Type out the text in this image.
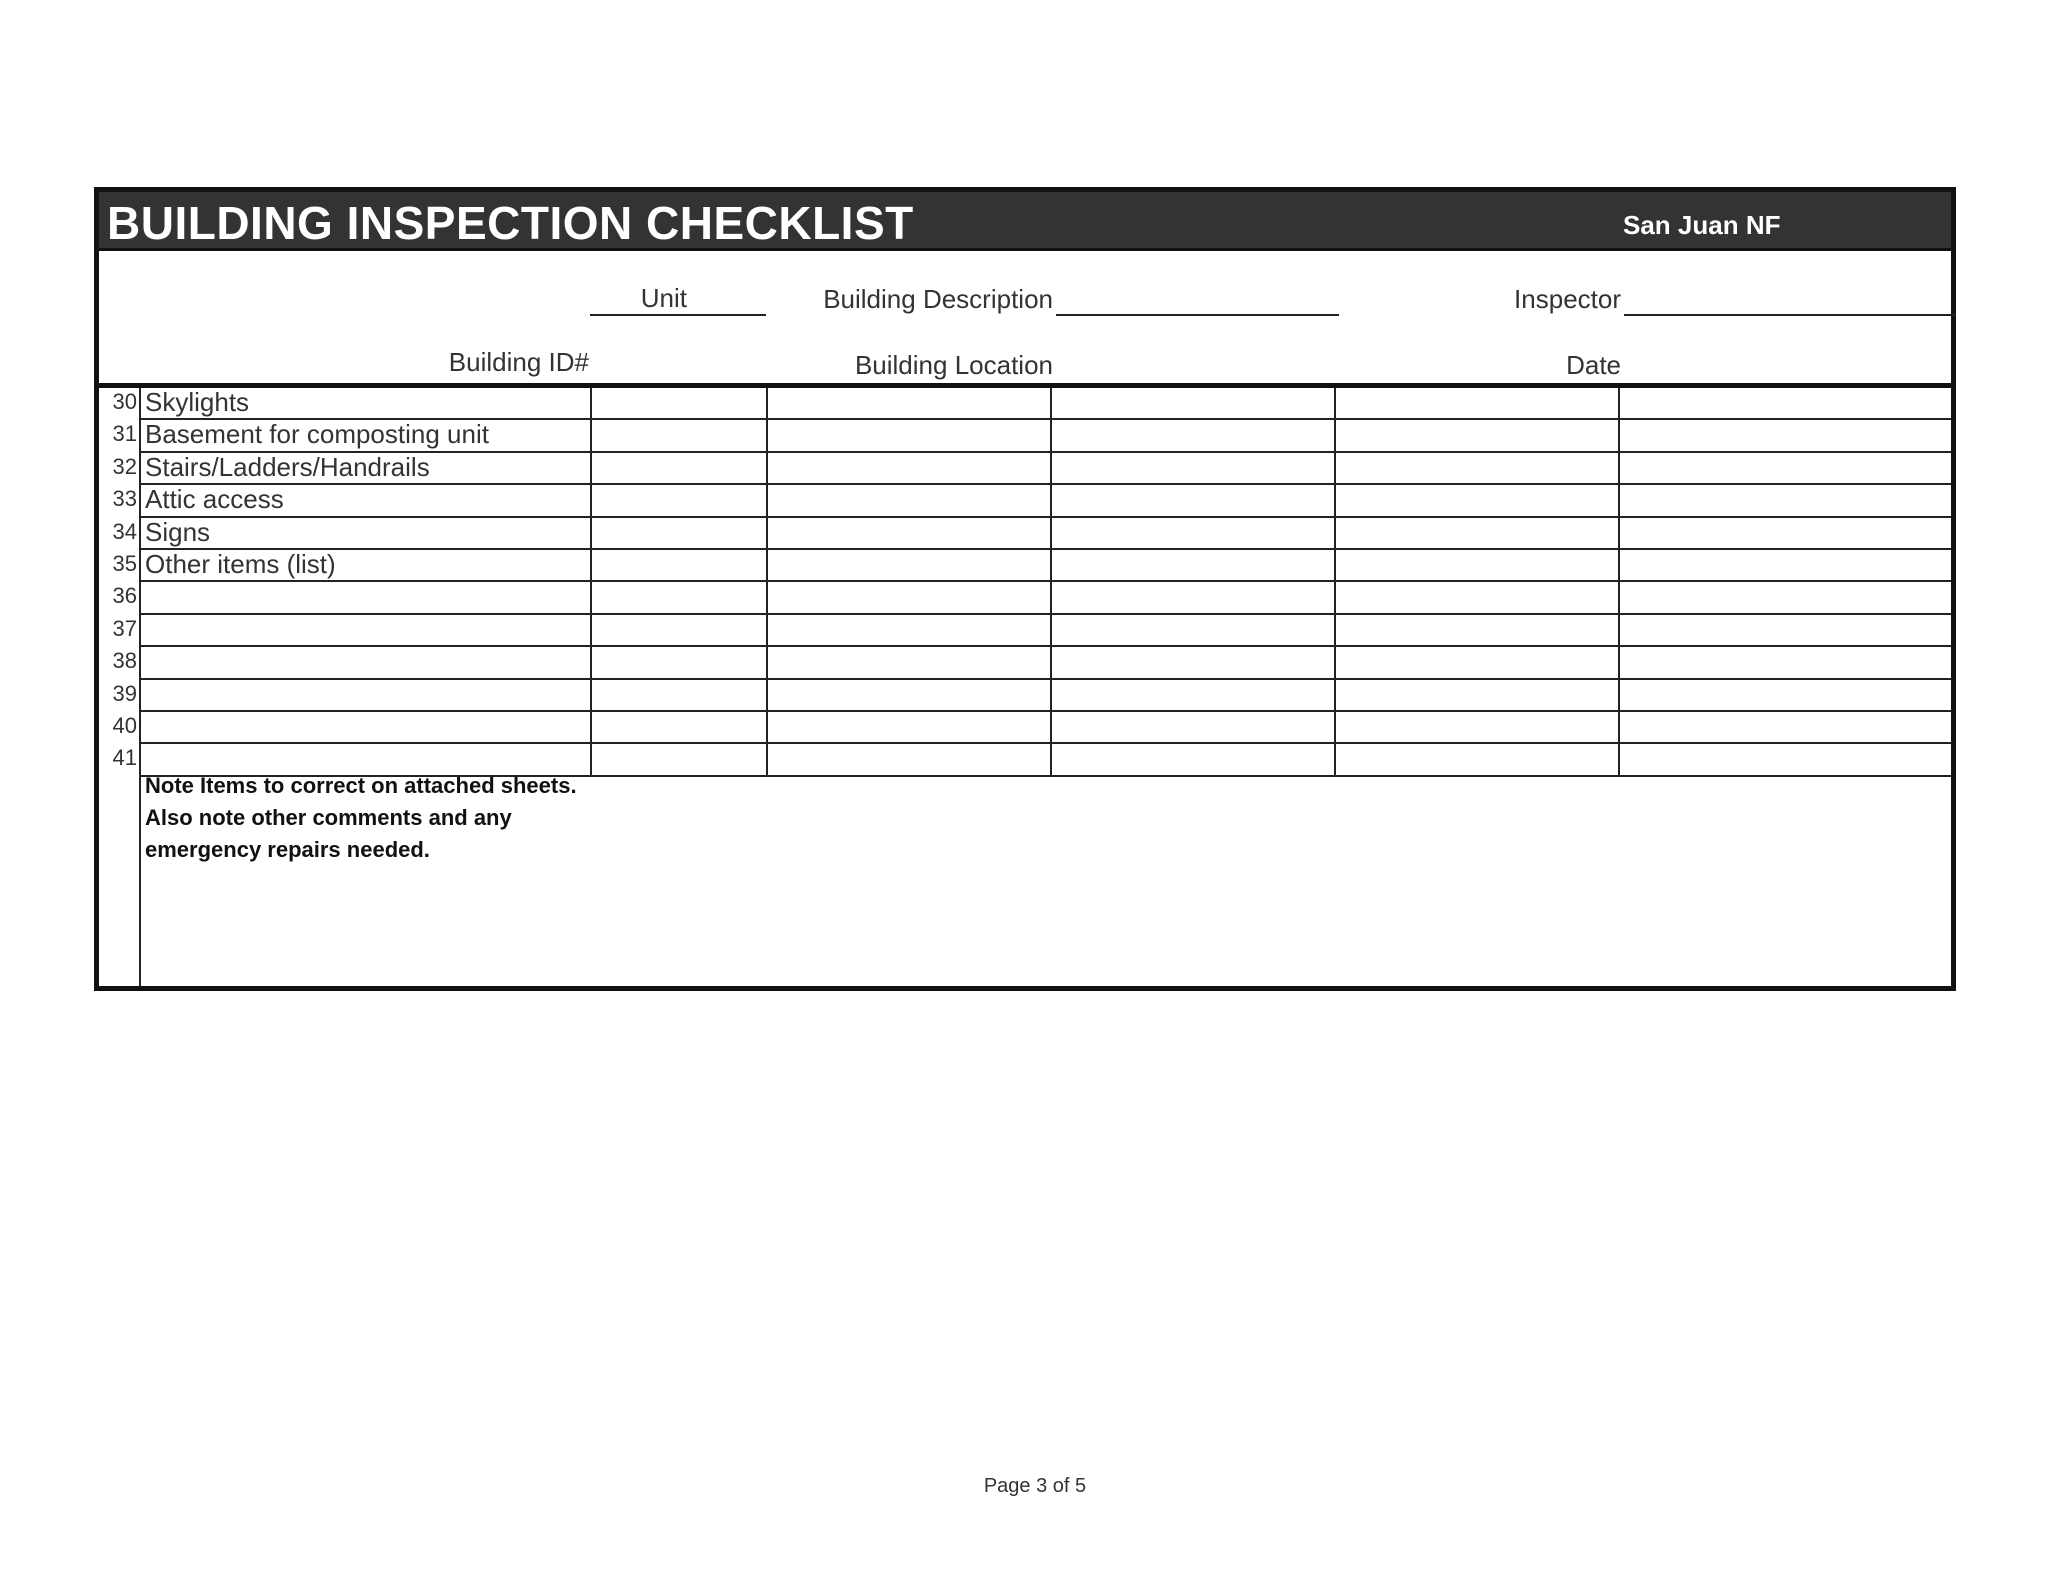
BUILDING INSPECTION CHECKLIST	San Juan NF
Unit	Building Description	Inspector
Building ID#	Building Location	Date
Note Items to correct on attached sheets. Also note other comments and any emergency repairs needed.
30 Skylights
31 Basement for composting unit
32 Stairs/Ladders/Handrails
33 Attic access
34 Signs
35 Other items (list)
36
37
38
39
40
41
Page 3 of 5
